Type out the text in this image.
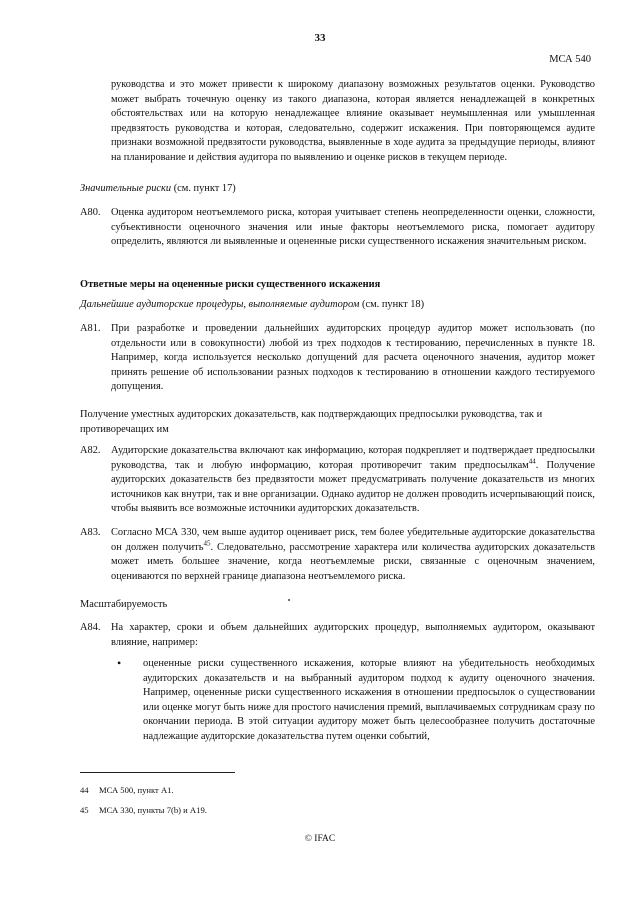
33
МСА 540
руководства и это может привести к широкому диапазону возможных результатов оценки. Руководство может выбрать точечную оценку из такого диапазона, которая является ненадлежащей в конкретных обстоятельствах или на которую ненадлежащее влияние оказывает неумышленная или умышленная предвзятость руководства и которая, следовательно, содержит искажения. При повторяющемся аудите признаки возможной предвзятости руководства, выявленные в ходе аудита за предыдущие периоды, влияют на планирование и действия аудитора по выявлению и оценке рисков в текущем периоде.
Значительные риски (см. пункт 17)
A80. Оценка аудитором неотъемлемого риска, которая учитывает степень неопределенности оценки, сложности, субъективности оценочного значения или иные факторы неотъемлемого риска, помогает аудитору определить, являются ли выявленные и оцененные риски существенного искажения значительным риском.
Ответные меры на оцененные риски существенного искажения
Дальнейшие аудиторские процедуры, выполняемые аудитором (см. пункт 18)
A81. При разработке и проведении дальнейших аудиторских процедур аудитор может использовать (по отдельности или в совокупности) любой из трех подходов к тестированию, перечисленных в пункте 18. Например, когда используется несколько допущений для расчета оценочного значения, аудитор может принять решение об использовании разных подходов к тестированию в отношении каждого тестируемого допущения.
Получение уместных аудиторских доказательств, как подтверждающих предпосылки руководства, так и противоречащих им
A82. Аудиторские доказательства включают как информацию, которая подкрепляет и подтверждает предпосылки руководства, так и любую информацию, которая противоречит таким предпосылкам$^{44}$. Получение аудиторских доказательств без предвзятости может предусматривать получение доказательств из многих источников как внутри, так и вне организации. Однако аудитор не должен проводить исчерпывающий поиск, чтобы выявить все возможные источники аудиторских доказательств.
A83. Согласно МСА 330, чем выше аудитор оценивает риск, тем более убедительные аудиторские доказательства он должен получить$^{45}$. Следовательно, рассмотрение характера или количества аудиторских доказательств может иметь большее значение, когда неотъемлемые риски, связанные с оценочным значением, оцениваются по верхней границе диапазона неотъемлемого риска.
Масштабируемость
A84. На характер, сроки и объем дальнейших аудиторских процедур, выполняемых аудитором, оказывают влияние, например:
• оцененные риски существенного искажения, которые влияют на убедительность необходимых аудиторских доказательств и на выбранный аудитором подход к аудиту оценочного значения. Например, оцененные риски существенного искажения в отношении предпосылок о существовании или оценке могут быть ниже для простого начисления премий, выплачиваемых сотрудникам сразу по окончании периода. В этой ситуации аудитору может быть целесообразнее получить достаточные надлежащие аудиторские доказательства путем оценки событий,
44 МСА 500, пункт A1.
45 МСА 330, пункты 7(b) и A19.
© IFAC
